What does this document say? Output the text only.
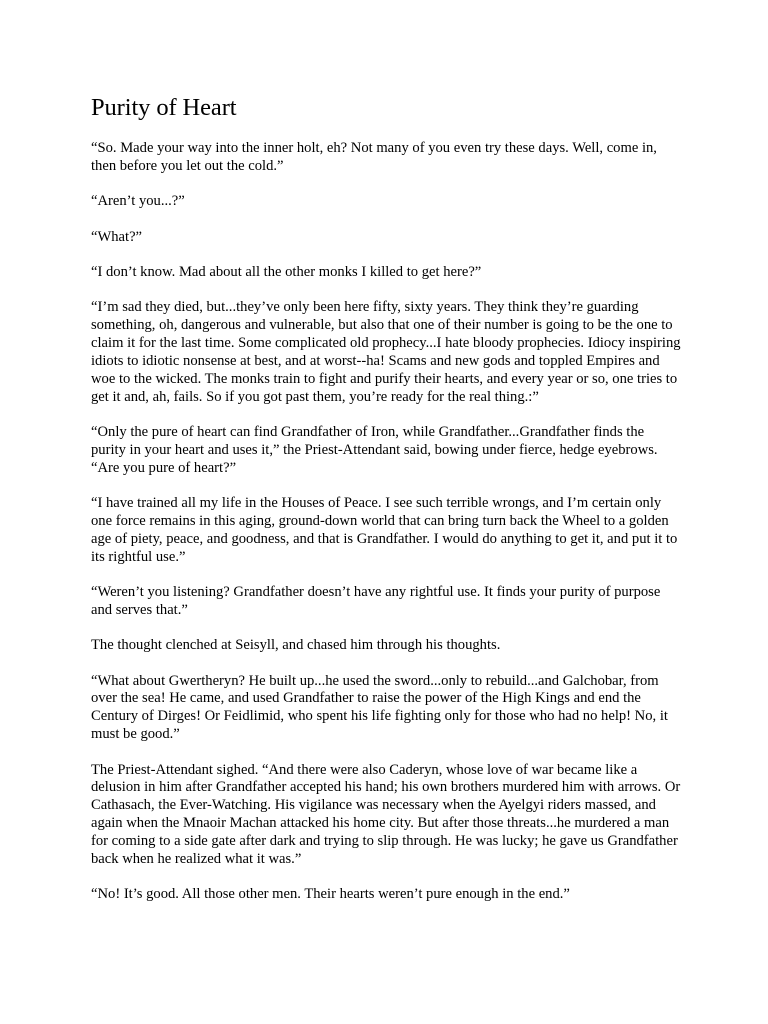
Purity of Heart

“So. Made your way into the inner holt, eh? Not many of you even try these days. Well, come in, then before you let out the cold.”

“Aren’t you...?”

“What?”

“I don’t know. Mad about all the other monks I killed to get here?”

“I’m sad they died, but...they’ve only been here fifty, sixty years. They think they’re guarding something, oh, dangerous and vulnerable, but also that one of their number is going to be the one to claim it for the last time. Some complicated old prophecy...I hate bloody prophecies. Idiocy inspiring idiots to idiotic nonsense at best, and at worst--ha! Scams and new gods and toppled Empires and woe to the wicked. The monks train to fight and purify their hearts, and every year or so, one tries to get it and, ah, fails. So if you got past them, you’re ready for the real thing.:”

“Only the pure of heart can find Grandfather of Iron, while Grandfather...Grandfather finds the purity in your heart and uses it,” the Priest-Attendant said, bowing under fierce, hedge eyebrows. “Are you pure of heart?”

“I have trained all my life in the Houses of Peace. I see such terrible wrongs, and I’m certain only one force remains in this aging, ground-down world that can bring turn back the Wheel to a golden age of piety, peace, and goodness, and that is Grandfather. I would do anything to get it, and put it to its rightful use.”

“Weren’t you listening? Grandfather doesn’t have any rightful use. It finds your purity of purpose and serves that.”

The thought clenched at Seisyll, and chased him through his thoughts.

“What about Gwertheryn? He built up...he used the sword...only to rebuild...and Galchobar, from over the sea! He came, and used Grandfather to raise the power of the High Kings and end the Century of Dirges! Or Feidlimid, who spent his life fighting only for those who had no help! No, it must be good.”

The Priest-Attendant sighed. “And there were also Caderyn, whose love of war became like a delusion in him after Grandfather accepted his hand; his own brothers murdered him with arrows. Or Cathasach, the Ever-Watching. His vigilance was necessary when the Ayelgyi riders massed, and again when the Mnaoir Machan attacked his home city. But after those threats...he murdered a man for coming to a side gate after dark and trying to slip through. He was lucky; he gave us Grandfather back when he realized what it was.”

“No! It’s good. All those other men. Their hearts weren’t pure enough in the end.”
